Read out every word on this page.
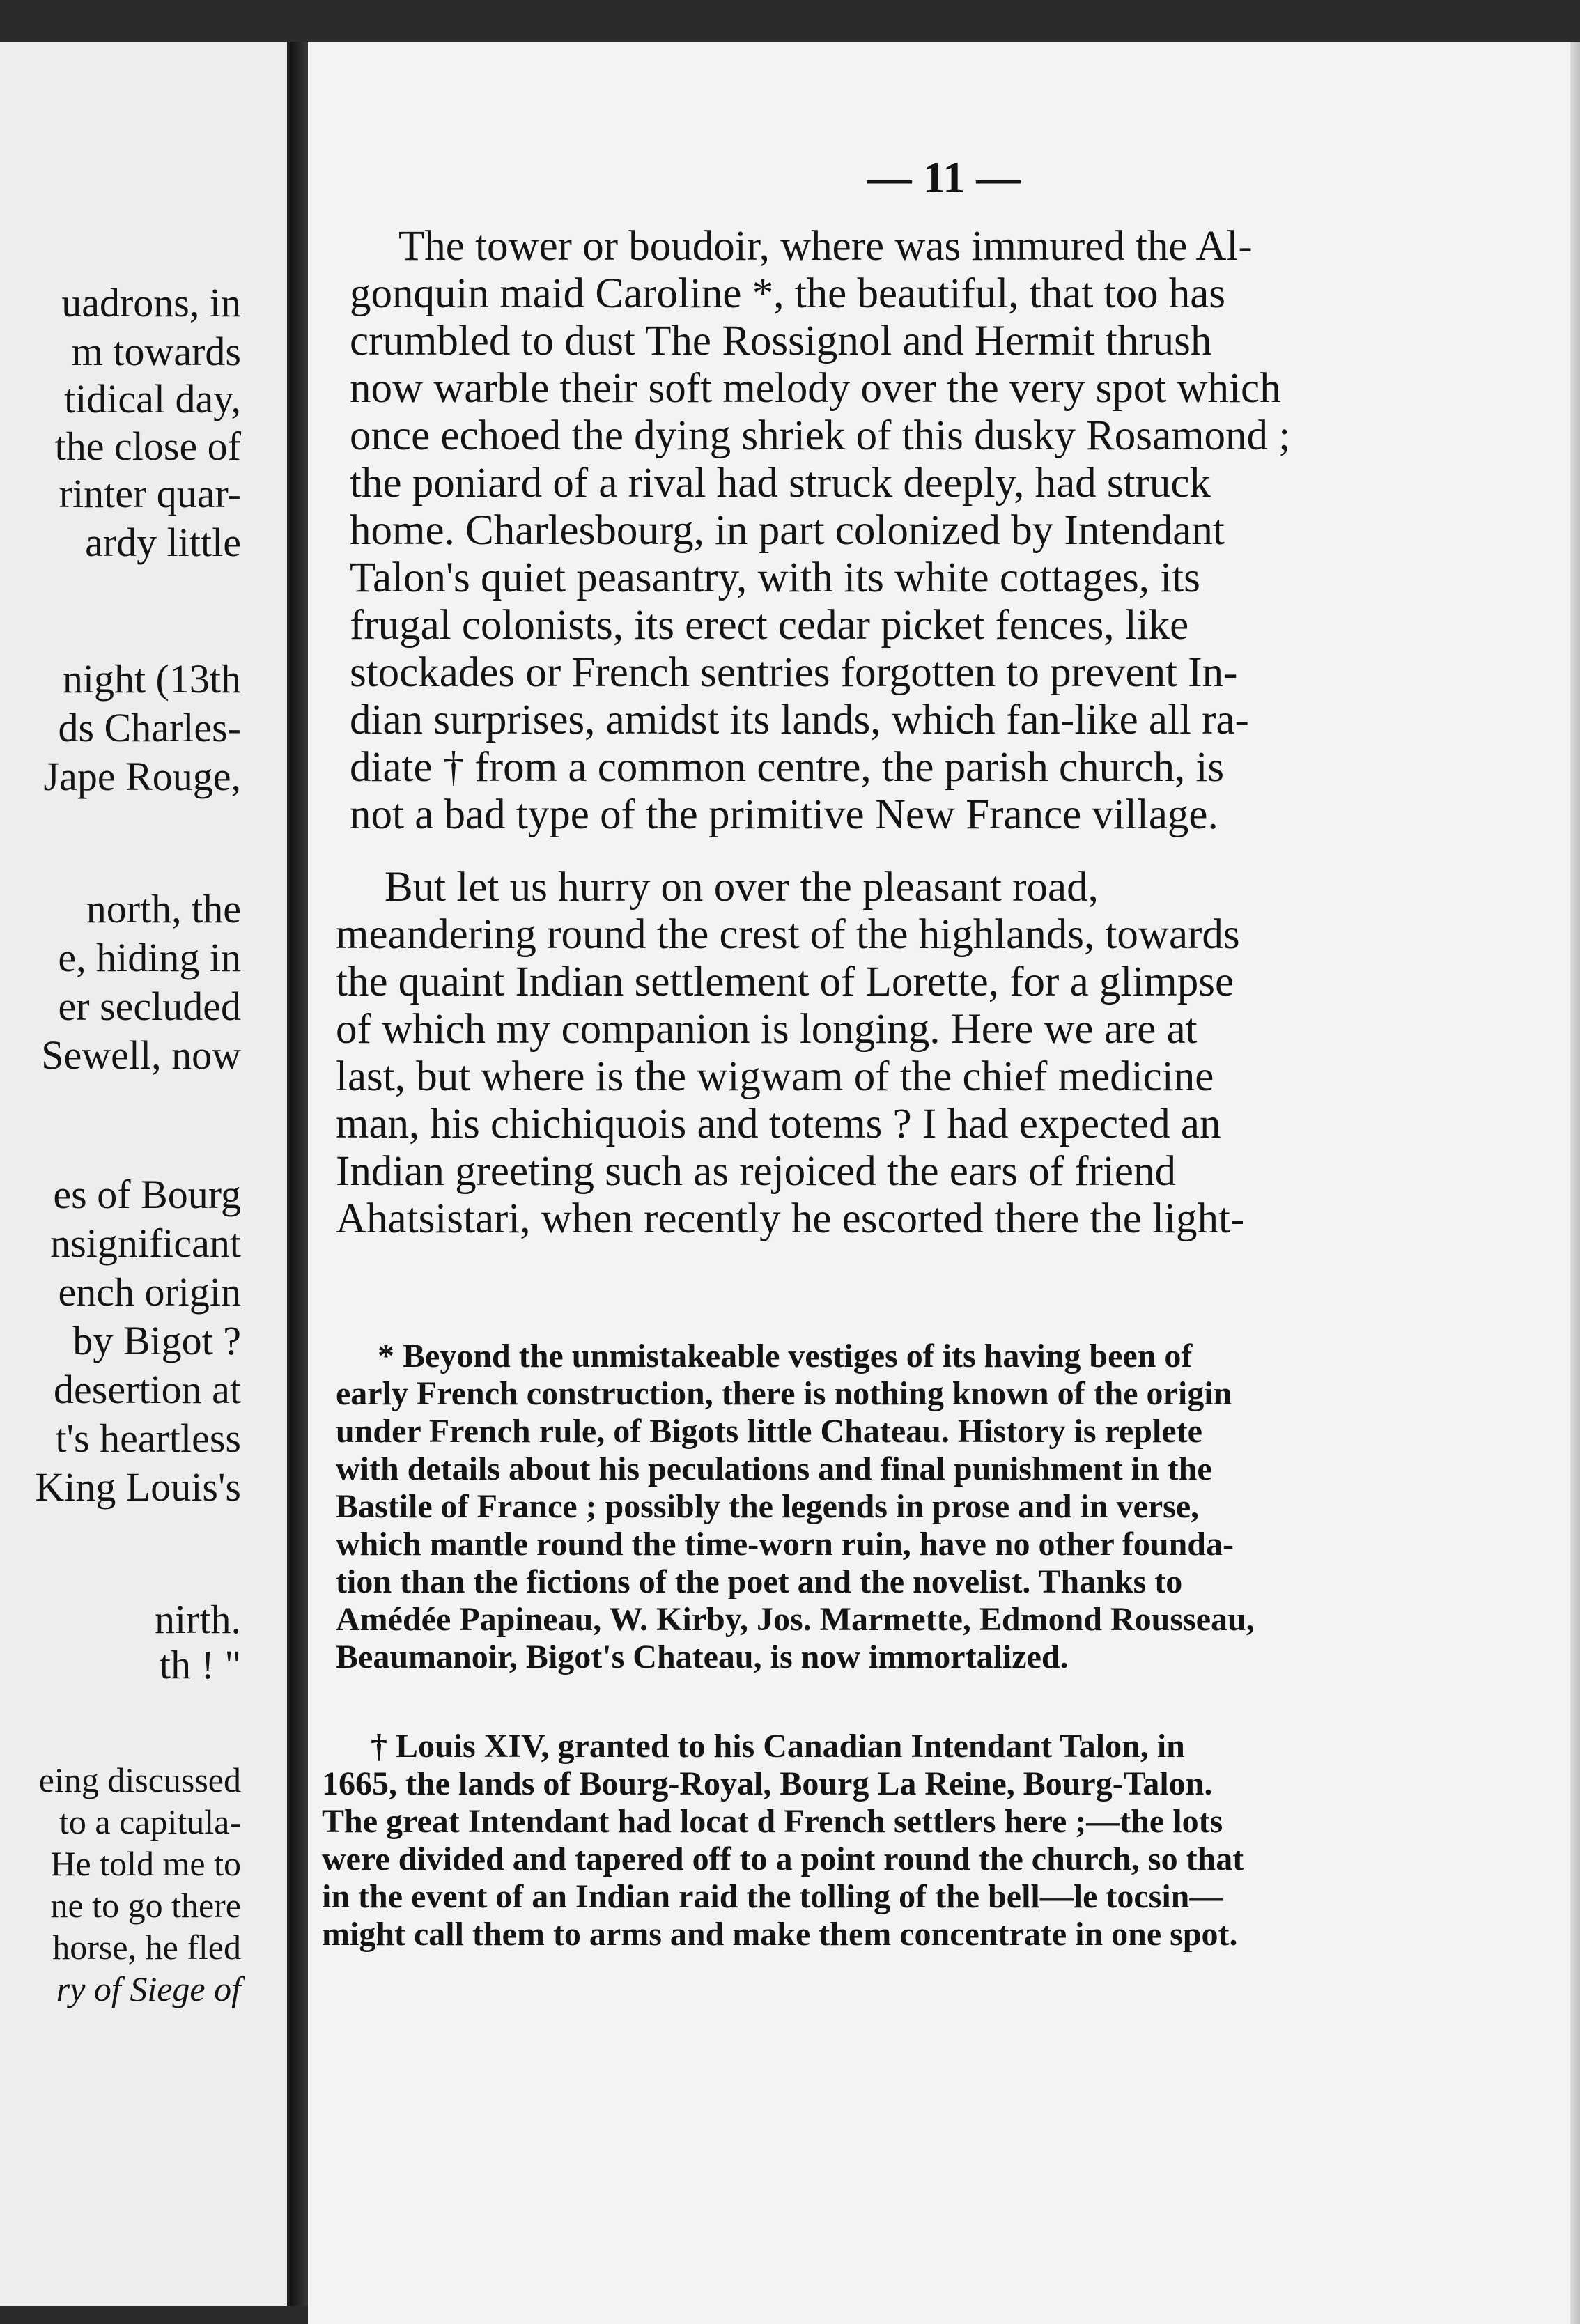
uadrons, in
m towards
tidical day,
the close of
rinter quar-
ardy little
night (13th
ds Charles-
Jape Rouge,
north, the
e, hiding in
er secluded
Sewell, now
es of Bourg
nsignificant
ench origin
by Bigot ?
desertion at
t's heartless
King Louis's
nirth.
th ! "
eing discussed
to a capitula-
He told me to
ne to go there
horse, he fled
ry of Siege of
— 11 —
The tower or boudoir, where was immured the Al-
gonquin maid Caroline *, the beautiful, that too has
crumbled to dust The Rossignol and Hermit thrush
now warble their soft melody over the very spot which
once echoed the dying shriek of this dusky Rosamond ;
the poniard of a rival had struck deeply, had struck
home. Charlesbourg, in part colonized by Intendant
Talon's quiet peasantry, with its white cottages, its
frugal colonists, its erect cedar picket fences, like
stockades or French sentries forgotten to prevent In-
dian surprises, amidst its lands, which fan-like all ra-
diate † from a common centre, the parish church, is
not a bad type of the primitive New France village.
But let us hurry on over the pleasant road,
meandering round the crest of the highlands, towards
the quaint Indian settlement of Lorette, for a glimpse
of which my companion is longing. Here we are at
last, but where is the wigwam of the chief medicine
man, his chichiquois and totems ? I had expected an
Indian greeting such as rejoiced the ears of friend
Ahatsistari, when recently he escorted there the light-
* Beyond the unmistakeable vestiges of its having been of
early French construction, there is nothing known of the origin
under French rule, of Bigots little Chateau. History is replete
with details about his peculations and final punishment in the
Bastile of France ; possibly the legends in prose and in verse,
which mantle round the time-worn ruin, have no other founda-
tion than the fictions of the poet and the novelist. Thanks to
Amédée Papineau, W. Kirby, Jos. Marmette, Edmond Rousseau,
Beaumanoir, Bigot's Chateau, is now immortalized.
† Louis XIV, granted to his Canadian Intendant Talon, in
1665, the lands of Bourg-Royal, Bourg La Reine, Bourg-Talon.
The great Intendant had locat d French settlers here ;—the lots
were divided and tapered off to a point round the church, so that
in the event of an Indian raid the tolling of the bell—le tocsin—
might call them to arms and make them concentrate in one spot.
